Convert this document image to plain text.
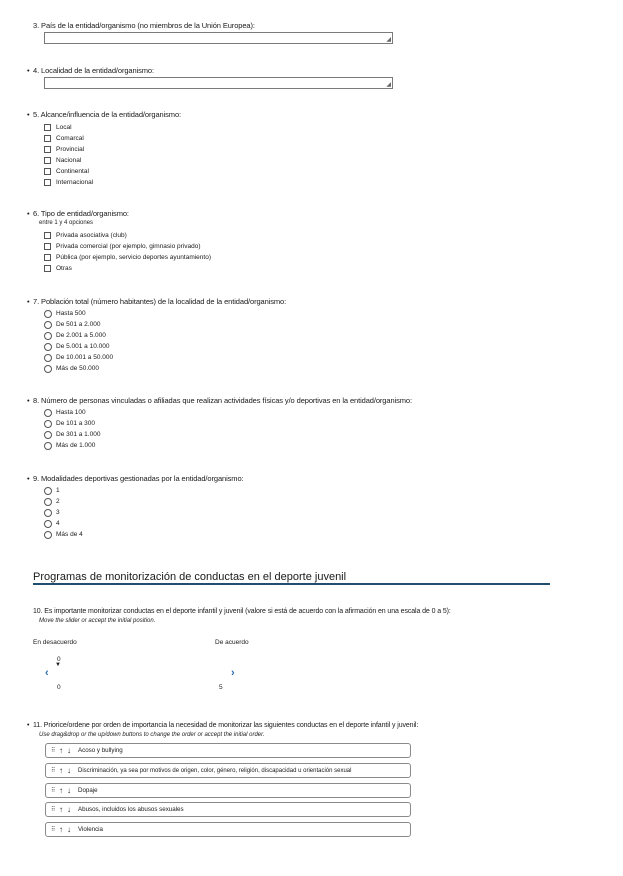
3. País de la entidad/organismo (no miembros de la Unión Europea):
◢
• 4. Localidad de la entidad/organismo:
◢
• 5. Alcance/influencia de la entidad/organismo:
Local
Comarcal
Provincial
Nacional
Continental
Internacional
• 6. Tipo de entidad/organismo:
entre 1 y 4 opciones
Privada asociativa (club)
Privada comercial (por ejemplo, gimnasio privado)
Pública (por ejemplo, servicio deportes ayuntamiento)
Otras
• 7. Población total (número habitantes) de la localidad de la entidad/organismo:
Hasta 500
De 501 a 2.000
De 2.001 a 5.000
De 5.001 a 10.000
De 10.001 a 50.000
Más de 50.000
• 8. Número de personas vinculadas o afiliadas que realizan actividades físicas y/o deportivas en la entidad/organismo:
Hasta 100
De 101 a 300
De 301 a 1.000
Más de 1.000
• 9. Modalidades deportivas gestionadas por la entidad/organismo:
1
2
3
4
Más de 4
Programas de monitorización de conductas en el deporte juvenil
10. Es importante monitorizar conductas en el deporte infantil y juvenil (valore si está de acuerdo con la afirmación en una escala de 0 a 5):
Move the slider or accept the initial position.
En desacuerdo	De acuerdo
0
▼
‹	›
0	5
• 11. Priorice/ordene por orden de importancia la necesidad de monitorizar las siguientes conductas en el deporte infantil y juvenil:
Use drag&drop or the up/down buttons to change the order or accept the initial order.
⠿ ↑ ↓	Acoso y bullying
⠿ ↑ ↓	Discriminación, ya sea por motivos de origen, color, género, religión, discapacidad u orientación sexual
⠿ ↑ ↓	Dopaje
⠿ ↑ ↓	Abusos, incluidos los abusos sexuales
⠿ ↑ ↓	Violencia
